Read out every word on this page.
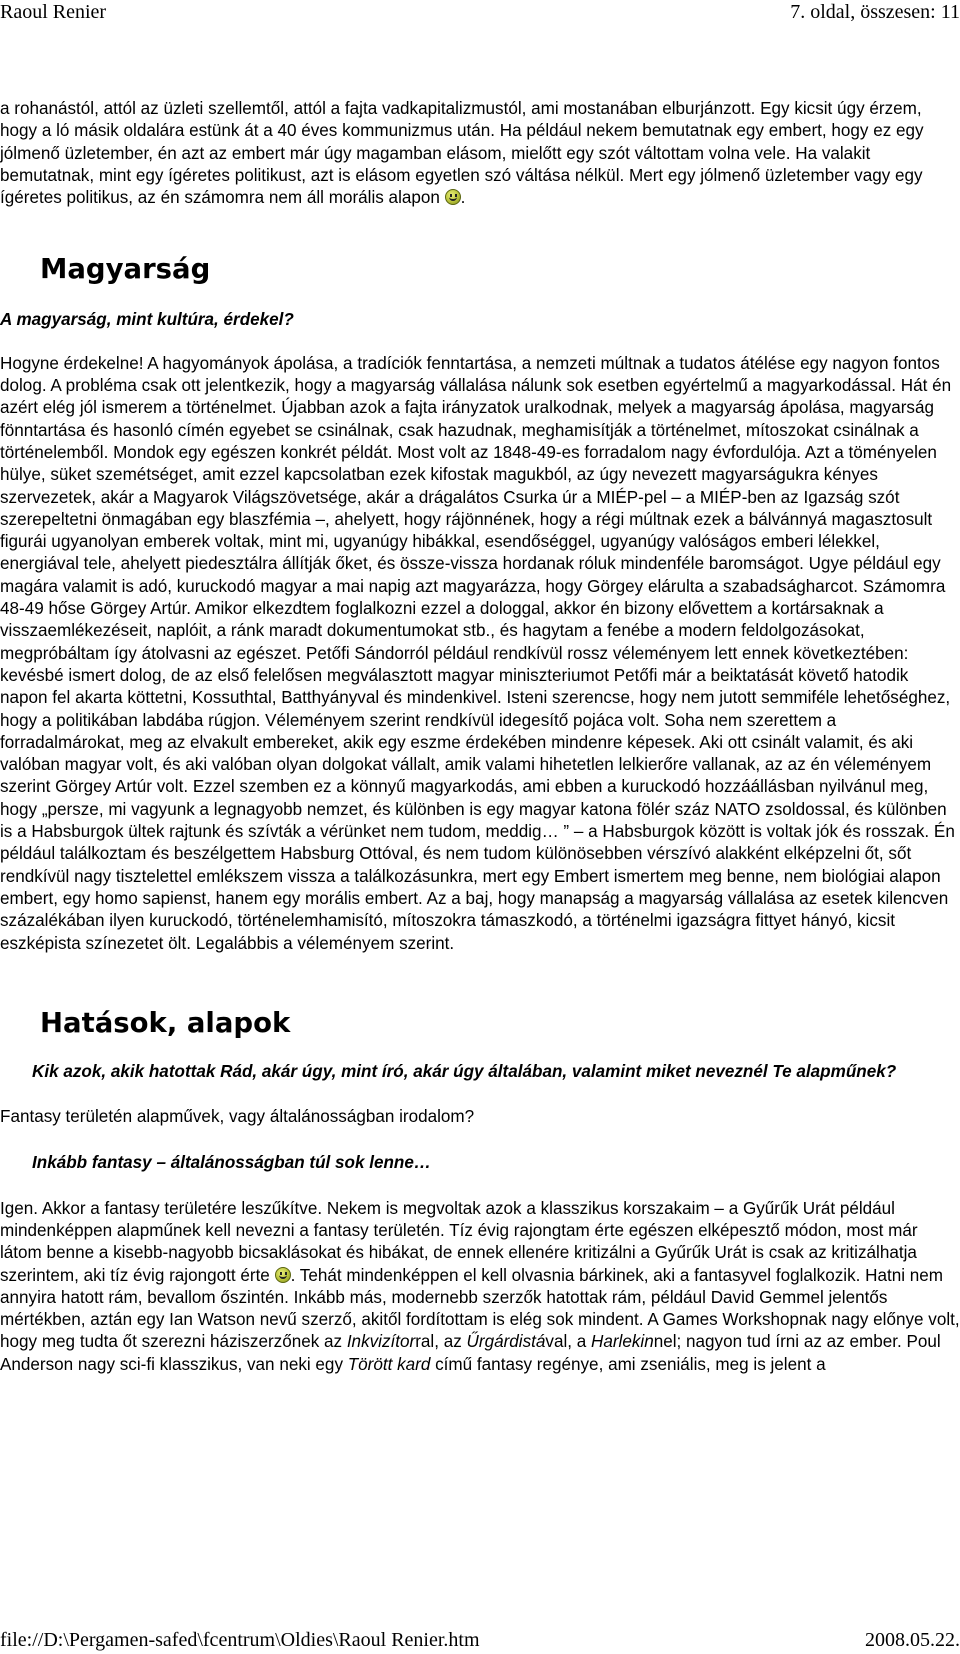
Raoul Renier	7. oldal, összesen: 11

a rohanástól, attól az üzleti szellemtől, attól a fajta vadkapitalizmustól, ami mostanában elburjánzott. Egy kicsit úgy érzem, hogy a ló másik oldalára estünk át a 40 éves kommunizmus után. Ha például nekem bemutatnak egy embert, hogy ez egy jólmenő üzletember, én azt az embert már úgy magamban elásom, mielőtt egy szót váltottam volna vele. Ha valakit bemutatnak, mint egy ígéretes politikust, azt is elásom egyetlen szó váltása nélkül. Mert egy jólmenő üzletember vagy egy ígéretes politikus, az én számomra nem áll morális alapon .

Magyarság

A magyarság, mint kultúra, érdekel?

Hogyne érdekelne! A hagyományok ápolása, a tradíciók fenntartása, a nemzeti múltnak a tudatos átélése egy nagyon fontos dolog. A probléma csak ott jelentkezik, hogy a magyarság vállalása nálunk sok esetben egyértelmű a magyarkodással. Hát én azért elég jól ismerem a történelmet. Újabban azok a fajta irányzatok uralkodnak, melyek a magyarság ápolása, magyarság fönntartása és hasonló címén egyebet se csinálnak, csak hazudnak, meghamisítják a történelmet, mítoszokat csinálnak a történelemből. Mondok egy egészen konkrét példát. Most volt az 1848-49-es forradalom nagy évfordulója. Azt a töményelen hülye, süket szemétséget, amit ezzel kapcsolatban ezek kifostak magukból, az úgy nevezett magyarságukra kényes szervezetek, akár a Magyarok Világszövetsége, akár a drágalátos Csurka úr a MIÉP-pel – a MIÉP-ben az Igazság szót szerepeltetni önmagában egy blaszfémia –, ahelyett, hogy rájönnének, hogy a régi múltnak ezek a bálvánnyá magasztosult figurái ugyanolyan emberek voltak, mint mi, ugyanúgy hibákkal, esendőséggel, ugyanúgy valóságos emberi lélekkel, energiával tele, ahelyett piedesztálra állítják őket, és össze-vissza hordanak róluk mindenféle baromságot. Ugye például egy magára valamit is adó, kuruckodó magyar a mai napig azt magyarázza, hogy Görgey elárulta a szabadságharcot. Számomra 48-49 hőse Görgey Artúr. Amikor elkezdtem foglalkozni ezzel a dologgal, akkor én bizony elővettem a kortársaknak a visszaemlékezéseit, naplóit, a ránk maradt dokumentumokat stb., és hagytam a fenébe a modern feldolgozásokat, megpróbáltam így átolvasni az egészet. Petőfi Sándorról például rendkívül rossz véleményem lett ennek következtében: kevésbé ismert dolog, de az első felelősen megválasztott magyar miniszteriumot Petőfi már a beiktatását követő hatodik napon fel akarta köttetni, Kossuthtal, Batthyányval és mindenkivel. Isteni szerencse, hogy nem jutott semmiféle lehetőséghez, hogy a politikában labdába rúgjon. Véleményem szerint rendkívül idegesítő pojáca volt. Soha nem szerettem a forradalmárokat, meg az elvakult embereket, akik egy eszme érdekében mindenre képesek. Aki ott csinált valamit, és aki valóban magyar volt, és aki valóban olyan dolgokat vállalt, amik valami hihetetlen lelkierőre vallanak, az az én véleményem szerint Görgey Artúr volt. Ezzel szemben ez a könnyű magyarkodás, ami ebben a kuruckodó hozzáállásban nyilvánul meg, hogy „persze, mi vagyunk a legnagyobb nemzet, és különben is egy magyar katona fölér száz NATO zsoldossal, és különben is a Habsburgok ültek rajtunk és szívták a vérünket nem tudom, meddig… ” – a Habsburgok között is voltak jók és rosszak. Én például találkoztam és beszélgettem Habsburg Ottóval, és nem tudom különösebben vérszívó alakként elképzelni őt, sőt rendkívül nagy tisztelettel emlékszem vissza a találkozásunkra, mert egy Embert ismertem meg benne, nem biológiai alapon embert, egy homo sapienst, hanem egy morális embert. Az a baj, hogy manapság a magyarság vállalása az esetek kilencven százalékában ilyen kuruckodó, történelemhamisító, mítoszokra támaszkodó, a történelmi igazságra fittyet hányó, kicsit eszképista színezetet ölt. Legalábbis a véleményem szerint.

Hatások, alapok

Kik azok, akik hatottak Rád, akár úgy, mint író, akár úgy általában, valamint miket neveznél Te alapműnek?

Fantasy területén alapművek, vagy általánosságban irodalom?

Inkább fantasy – általánosságban túl sok lenne…

Igen. Akkor a fantasy területére leszűkítve. Nekem is megvoltak azok a klasszikus korszakaim – a Gyűrűk Urát például mindenképpen alapműnek kell nevezni a fantasy területén. Tíz évig rajongtam érte egészen elképesztő módon, most már látom benne a kisebb-nagyobb bicsaklásokat és hibákat, de ennek ellenére kritizálni a Gyűrűk Urát is csak az kritizálhatja szerintem, aki tíz évig rajongott érte . Tehát mindenképpen el kell olvasnia bárkinek, aki a fantasyvel foglalkozik. Hatni nem annyira hatott rám, bevallom őszintén. Inkább más, modernebb szerzők hatottak rám, például David Gemmel jelentős mértékben, aztán egy Ian Watson nevű szerző, akitől fordítottam is elég sok mindent. A Games Workshopnak nagy előnye volt, hogy meg tudta őt szerezni háziszerzőnek az Inkvizítorral, az Űrgárdistával, a Harlekinnel; nagyon tud írni az az ember. Poul Anderson nagy sci-fi klasszikus, van neki egy Törött kard című fantasy regénye, ami zseniális, meg is jelent a

file://D:\Pergamen-safed\fcentrum\Oldies\Raoul Renier.htm	2008.05.22.
